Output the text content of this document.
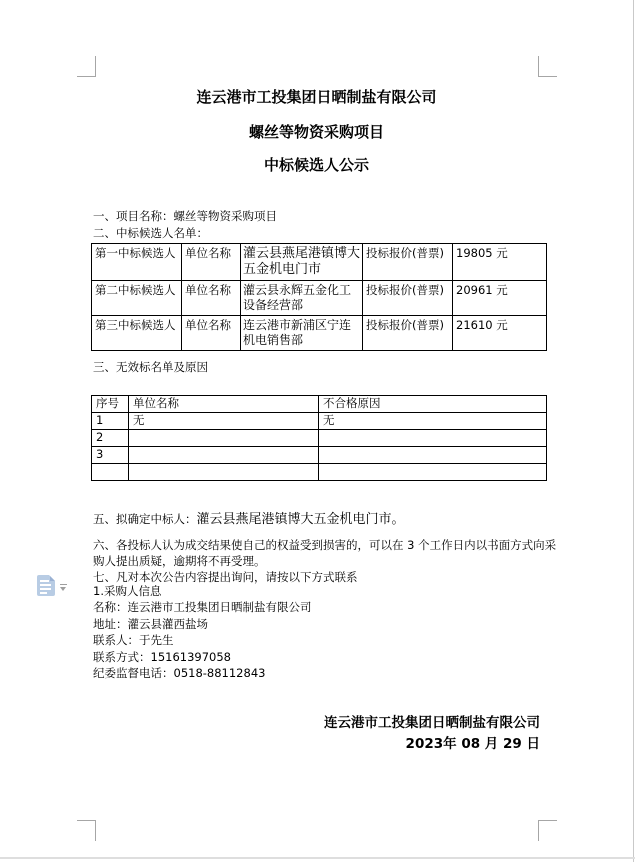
连云港市工投集团日晒制盐有限公司
螺丝等物资采购项目
中标候选人公示
一、项目名称：螺丝等物资采购项目
二、中标候选人名单：
第一中标候选人	单位名称	灌云县燕尾港镇博大五金机电门市	投标报价(普票)	19805 元
第二中标候选人	单位名称	灌云县永辉五金化工设备经营部	投标报价(普票)	20961 元
第三中标候选人	单位名称	连云港市新浦区宁连机电销售部	投标报价(普票)	21610 元
三、无效标名单及原因
序号	单位名称	不合格原因
1	无	无
2		
3		

五、拟确定中标人：灌云县燕尾港镇博大五金机电门市。
六、各投标人认为成交结果使自己的权益受到损害的，可以在 3 个工作日内以书面方式向采
购人提出质疑，逾期将不再受理。
七、凡对本次公告内容提出询问，请按以下方式联系
1.采购人信息
名称：连云港市工投集团日晒制盐有限公司
地址：灌云县灌西盐场
联系人：于先生
联系方式：15161397058
纪委监督电话：0518-88112843
连云港市工投集团日晒制盐有限公司
2023年 08 月 29 日
